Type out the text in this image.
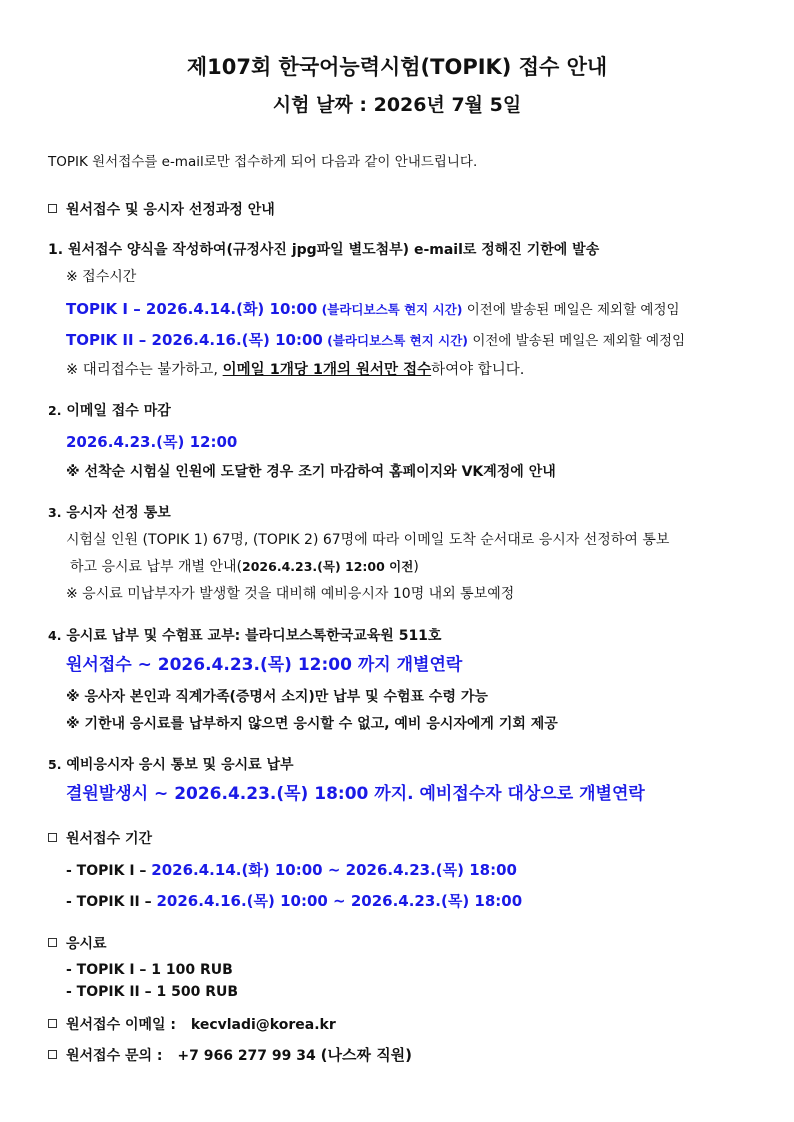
제107회 한국어능력시험(TOPIK) 접수 안내
시험 날짜 : 2026년 7월 5일
TOPIK 원서접수를 e-mail로만 접수하게 되어 다음과 같이 안내드립니다.
원서접수 및 응시자 선정과정 안내
1. 원서접수 양식을 작성하여(규정사진 jpg파일 별도첨부) e-mail로 정해진 기한에 발송
※ 접수시간
TOPIK I – 2026.4.14.(화) 10:00 (블라디보스톡 현지 시간) 이전에 발송된 메일은 제외할 예정임
TOPIK II – 2026.4.16.(목) 10:00 (블라디보스톡 현지 시간) 이전에 발송된 메일은 제외할 예정임
※ 대리접수는 불가하고, 이메일 1개당 1개의 원서만 접수하여야 합니다.
2. 이메일 접수 마감
2026.4.23.(목) 12:00
※ 선착순 시험실 인원에 도달한 경우 조기 마감하여 홈페이지와 VK계정에 안내
3. 응시자 선정 통보
시험실 인원 (TOPIK 1) 67명, (TOPIK 2) 67명에 따라 이메일 도착 순서대로 응시자 선정하여 통보
하고 응시료 납부 개별 안내(2026.4.23.(목) 12:00 이전)
※ 응시료 미납부자가 발생할 것을 대비해 예비응시자 10명 내외 통보예정
4. 응시료 납부 및 수험표 교부: 블라디보스톡한국교육원 511호
원서접수 ~ 2026.4.23.(목) 12:00 까지 개별연락
※ 응사자 본인과 직계가족(증명서 소지)만 납부 및 수험표 수령 가능
※ 기한내 응시료를 납부하지 않으면 응시할 수 없고, 예비 응시자에게 기회 제공
5. 예비응시자 응시 통보 및 응시료 납부
결원발생시 ~ 2026.4.23.(목) 18:00 까지. 예비접수자 대상으로 개별연락
원서접수 기간
- TOPIK I – 2026.4.14.(화) 10:00 ~ 2026.4.23.(목) 18:00
- TOPIK II – 2026.4.16.(목) 10:00 ~ 2026.4.23.(목) 18:00
응시료
- TOPIK I – 1 100 RUB
- TOPIK II – 1 500 RUB
원서접수 이메일 : kecvladi@korea.kr
원서접수 문의 : +7 966 277 99 34 (나스짜 직원)
